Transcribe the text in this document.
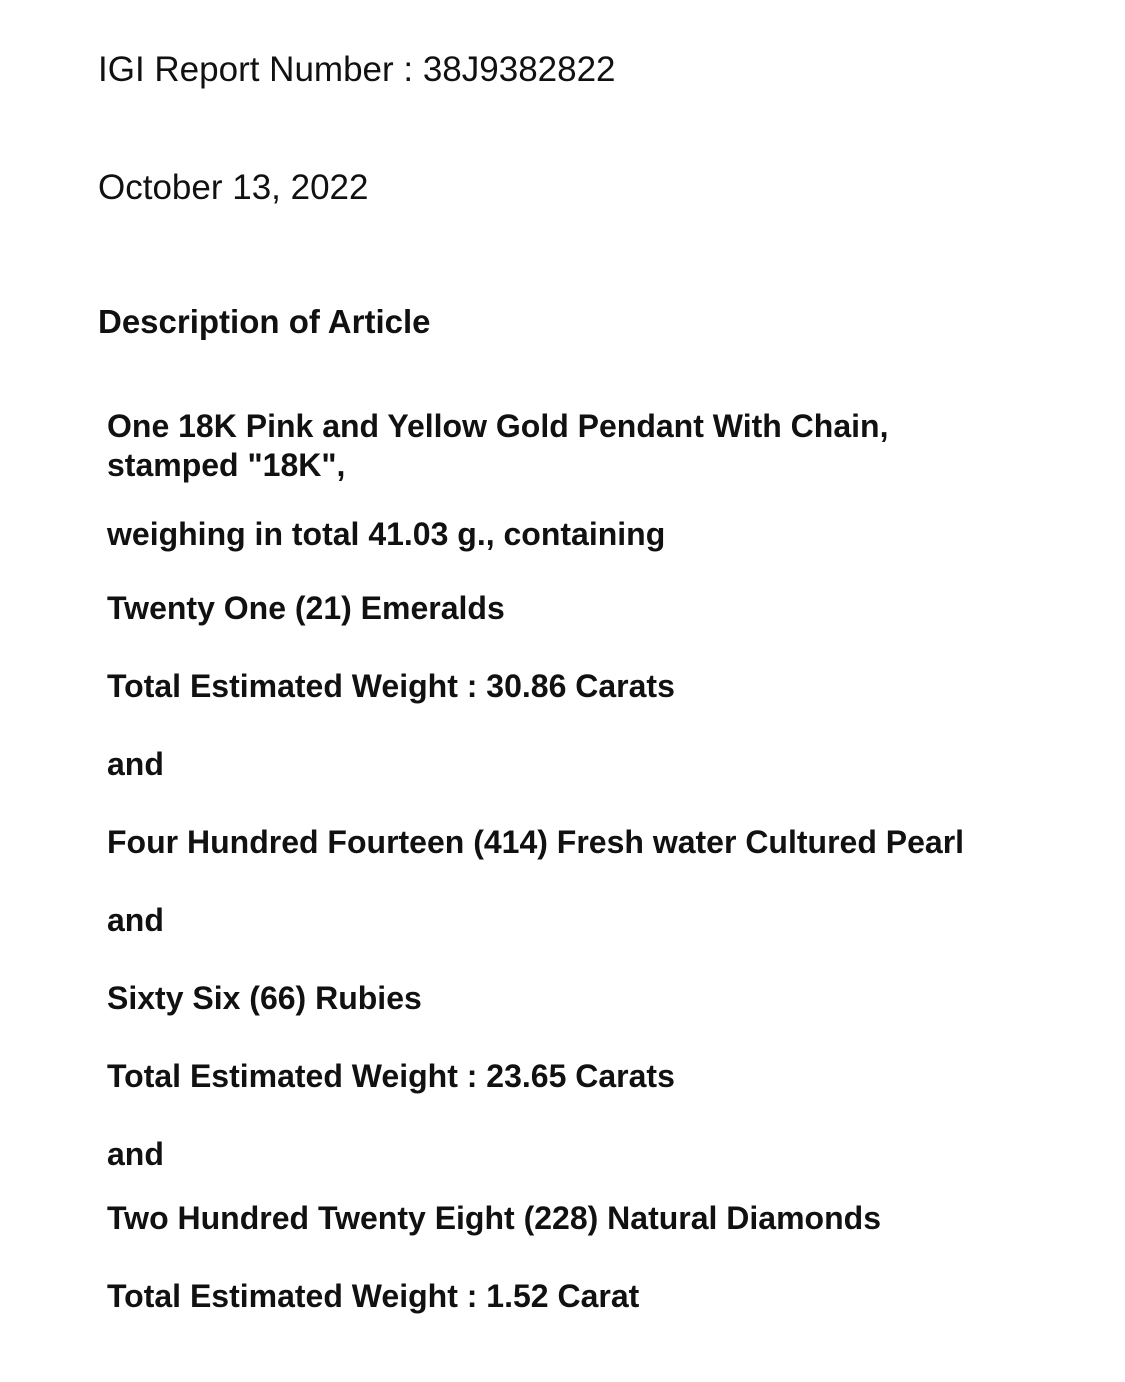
IGI Report Number : 38J9382822

October 13, 2022

Description of Article

One 18K Pink and Yellow Gold Pendant With Chain,

stamped "18K",

weighing in total 41.03 g., containing

Twenty One (21) Emeralds

Total Estimated Weight : 30.86 Carats

and

Four Hundred Fourteen (414) Fresh water Cultured Pearl

and

Sixty Six (66) Rubies

Total Estimated Weight : 23.65 Carats

and

Two Hundred Twenty Eight (228) Natural Diamonds

Total Estimated Weight : 1.52 Carat
